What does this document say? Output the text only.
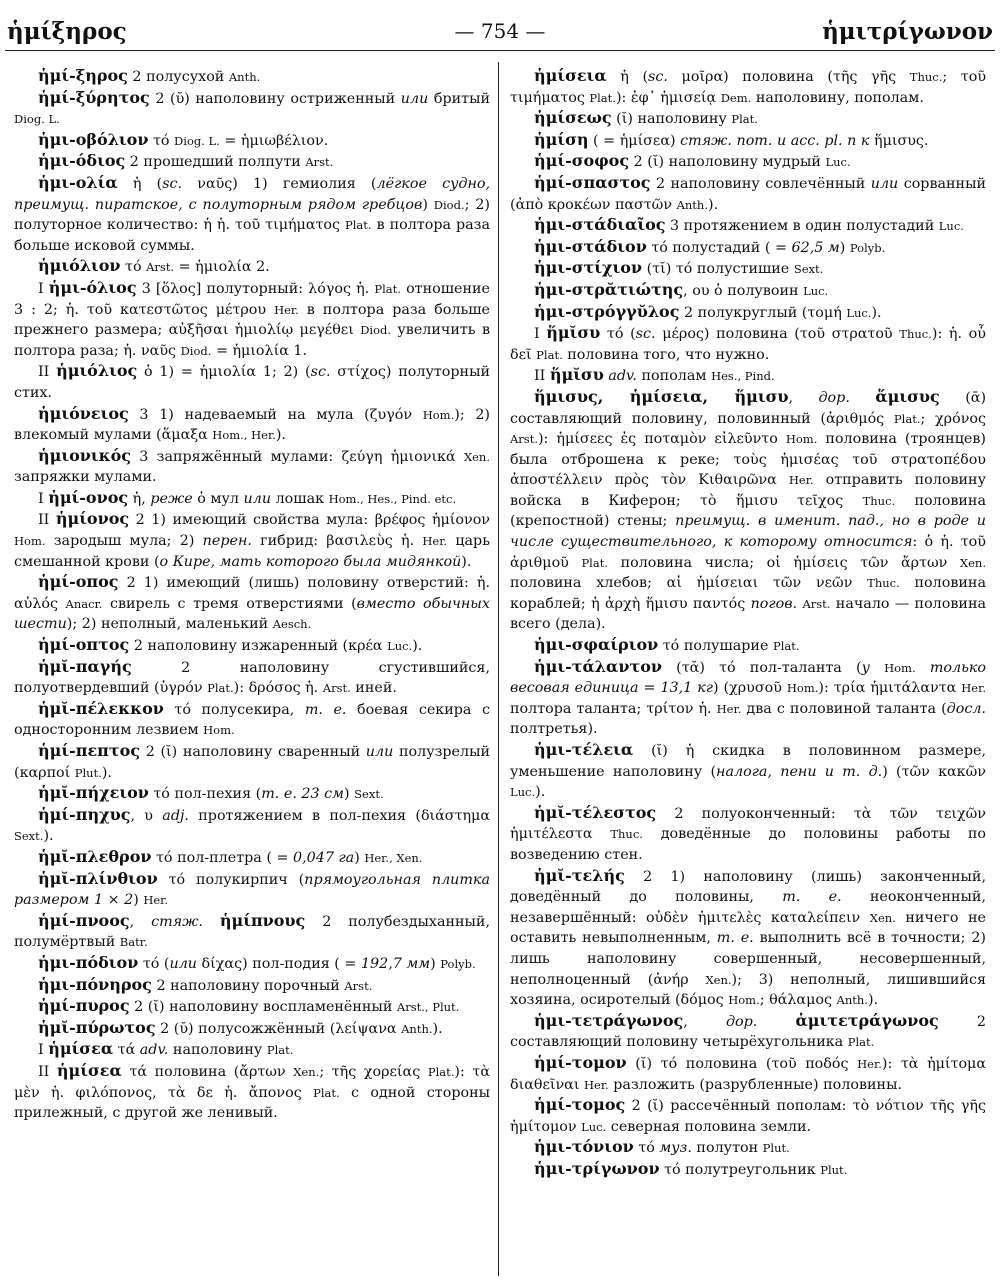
ἡμίξηρος	— 754 —	ἡμιτρίγωνον

ἡμί-ξηρος 2 полусухой Anth.

ἡμί-ξύρητος 2 (ῠ) наполовину остриженный или бритый Diog. L.

ἡμι-οβόλιον τό Diog. L. = ἡμιωβέλιον.

ἡμι-όδιος 2 прошедший полпути Arst.

ἡμι-ολία ἡ (sc. ναῦς) 1) гемиолия (лёгкое судно, преимущ. пиратское, с полуторным рядом гребцов) Diod.; 2) полуторное количество: ἡ ἡ. τοῦ τιμήματος Plat. в полтора раза больше исковой суммы.

ἡμιόλιον τό Arst. = ἡμιολία 2.

I ἡμι-όλιος 3 [ὅλος] полуторный: λόγος ἡ. Plat. отношение 3 : 2; ἡ. τοῦ κατεστῶτος μέτρου Her. в полтора раза больше прежнего размера; αὐξῆσαι ἡμιολίῳ μεγέθει Diod. увеличить в полтора раза; ἡ. ναῦς Diod. = ἡμιολία 1.

II ἡμιόλιος ὁ 1) = ἡμιολία 1; 2) (sc. στίχος) полуторный стих.

ἡμιόνειος 3 1) надеваемый на мула (ζυγόν Hom.); 2) влекомый мулами (ἅμαξα Hom., Her.).

ἡμιονικός 3 запряжённый мулами: ζεύγη ἡμιονικά Xen. запряжки мулами.

I ἡμί-ονος ἡ, реже ὁ мул или лошак Hom., Hes., Pind. etc.

II ἡμίονος 2 1) имеющий свойства мула: βρέφος ἡμίονον Hom. зародыш мула; 2) перен. гибрид: βασιλεὺς ἡ. Her. царь смешанной крови (о Кире, мать которого была мидянкой).

ἡμί-οπος 2 1) имеющий (лишь) половину отверстий: ἡ. αὐλός Anacr. свирель с тремя отверстиями (вместо обычных шести); 2) неполный, маленький Aesch.

ἡμί-οπτος 2 наполовину изжаренный (κρέα Luc.).

ἡμῐ-παγής 2 наполовину сгустившийся, полуотвердевший (ὑγρόν Plat.): δρόσος ἡ. Arst. иней.

ἡμῐ-πέλεκκον τό полусекира, т. е. боевая секира с односторонним лезвием Hom.

ἡμί-πεπτος 2 (ῐ) наполовину сваренный или полузрелый (καρποί Plut.).

ἡμῐ-πήχειον τό пол-пехия (т. е. 23 см) Sext.

ἡμί-πηχυς, υ adj. протяжением в пол-пехия (διάστημα Sext.).

ἡμῐ-πλεθρον τό пол-плетра ( = 0,047 га) Her., Xen.

ἡμῐ-πλίνθιον τό полукирпич (прямоугольная плитка размером 1 × 2) Her.

ἡμί-πνοος, стяж. ἡμίπνους 2 полубездыханный, полумёртвый Batr.

ἡμι-πόδιον τό (или δίχας) пол-подия ( = 192,7 мм) Polyb.

ἡμι-πόνηρος 2 наполовину порочный Arst.

ἡμί-πυρος 2 (ῐ) наполовину воспламенённый Arst., Plut.

ἡμῐ-πύρωτος 2 (ῠ) полусожжённый (λείψανα Anth.).

I ἡμίσεα τά adv. наполовину Plat.

II ἡμίσεα τά половина (ἄρτων Xen.; τῆς χορείας Plat.): τὰ μὲν ἡ. φιλόπονος, τὰ δε ἡ. ἄπονος Plat. с одной стороны прилежный, с другой же ленивый.

ἡμίσεια ἡ (sc. μοῖρα) половина (τῆς γῆς Thuc.; τοῦ τιμήματος Plat.): ἐφ᾽ ἡμισείᾳ Dem. наполовину, пополам.

ἡμίσεως (ῐ) наполовину Plat.

ἡμίση ( = ἡμίσεα) стяж. пот. и асс. pl. п к ἥμισυς.

ἡμί-σοφος 2 (ῐ) наполовину мудрый Luc.

ἡμί-σπαστος 2 наполовину совлечённый или сорванный (ἀπὸ κροκέων παστῶν Anth.).

ἡμι-στάδιαῖος 3 протяжением в один полустадий Luc.

ἡμι-στάδιον τό полустадий ( = 62,5 м) Polyb.

ἡμι-στίχιον (τῐ) τό полустишие Sext.

ἡμι-στρᾰτιώτης, ου ὁ полувоин Luc.

ἡμι-στρόγγῠλος 2 полукруглый (τομή Luc.).

I ἥμῐσυ τό (sc. μέρος) половина (τοῦ στρατοῦ Thuc.): ἡ. οὗ δεῖ Plat. половина того, что нужно.

II ἥμῐσυ adv. пополам Hes., Pind.

ἥμισυς, ἡμίσεια, ἥμισυ, дор. ἅμισυς (ᾱ) составляющий половину, половинный (ἀριθμός Plat.; χρόνος Arst.): ἡμίσεες ἐς ποταμὸν εἰλεῦντο Hom. половина (троянцев) была отброшена к реке; τοὺς ἡμισέας τοῦ στρατοπέδου ἀποστέλλειν πρὸς τὸν Κιθαιρῶνα Her. отправить половину войска в Киферон; τὸ ἥμισυ τεῖχος Thuc. половина (крепостной) стены; преимущ. в именит. пад., но в роде и числе существительного, к которому относится: ὁ ἡ. τοῦ ἀριθμοῦ Plat. половина числа; οἱ ἡμίσεις τῶν ἄρτων Xen. половина хлебов; αἱ ἡμίσειαι τῶν νεῶν Thuc. половина кораблей; ἡ ἀρχὴ ἥμισυ παντός погов. Arst. начало — половина всего (дела).

ἡμι-σφαίριον τό полушарие Plat.

ἡμι-τάλαντον (τᾰ) τό пол-таланта (у Hom. только весовая единица = 13,1 кг) (χρυσοῦ Hom.): τρία ἡμιτάλαντα Her. полтора таланта; τρίτον ἡ. Her. два с половиной таланта (досл. полтретья).

ἡμι-τέλεια (ῐ) ἡ скидка в половинном размере, уменьшение наполовину (налога, пени и т. д.) (τῶν κακῶν Luc.).

ἡμῐ-τέλεστος 2 полуоконченный: τὰ τῶν τειχῶν ἡμιτέλεστα Thuc. доведённые до половины работы по возведению стен.

ἡμῐ-τελής 2 1) наполовину (лишь) законченный, доведённый до половины, т. е. неоконченный, незавершённый: οὐδὲν ἡμιτελὲς καταλείπειν Xen. ничего не оставить невыполненным, т. е. выполнить всё в точности; 2) лишь наполовину совершенный, несовершенный, неполноценный (ἀνήρ Xen.); 3) неполный, лишившийся хозяина, осиротелый (δόμος Hom.; θάλαμος Anth.).

ἡμι-τετράγωνος, дор. ἁμιτετράγωνος 2 составляющий половину четырёхугольника Plat.

ἡμί-τομον (ῐ) τό половина (τοῦ ποδός Her.): τὰ ἡμίτομα διαθεῖναι Her. разложить (разрубленные) половины.

ἡμί-τομος 2 (ῐ) рассечённый пополам: τὸ νότιον τῆς γῆς ἡμίτομον Luc. северная половина земли.

ἡμι-τόνιον τό муз. полутон Plut.

ἡμι-τρίγωνον τό полутреугольник Plut.
